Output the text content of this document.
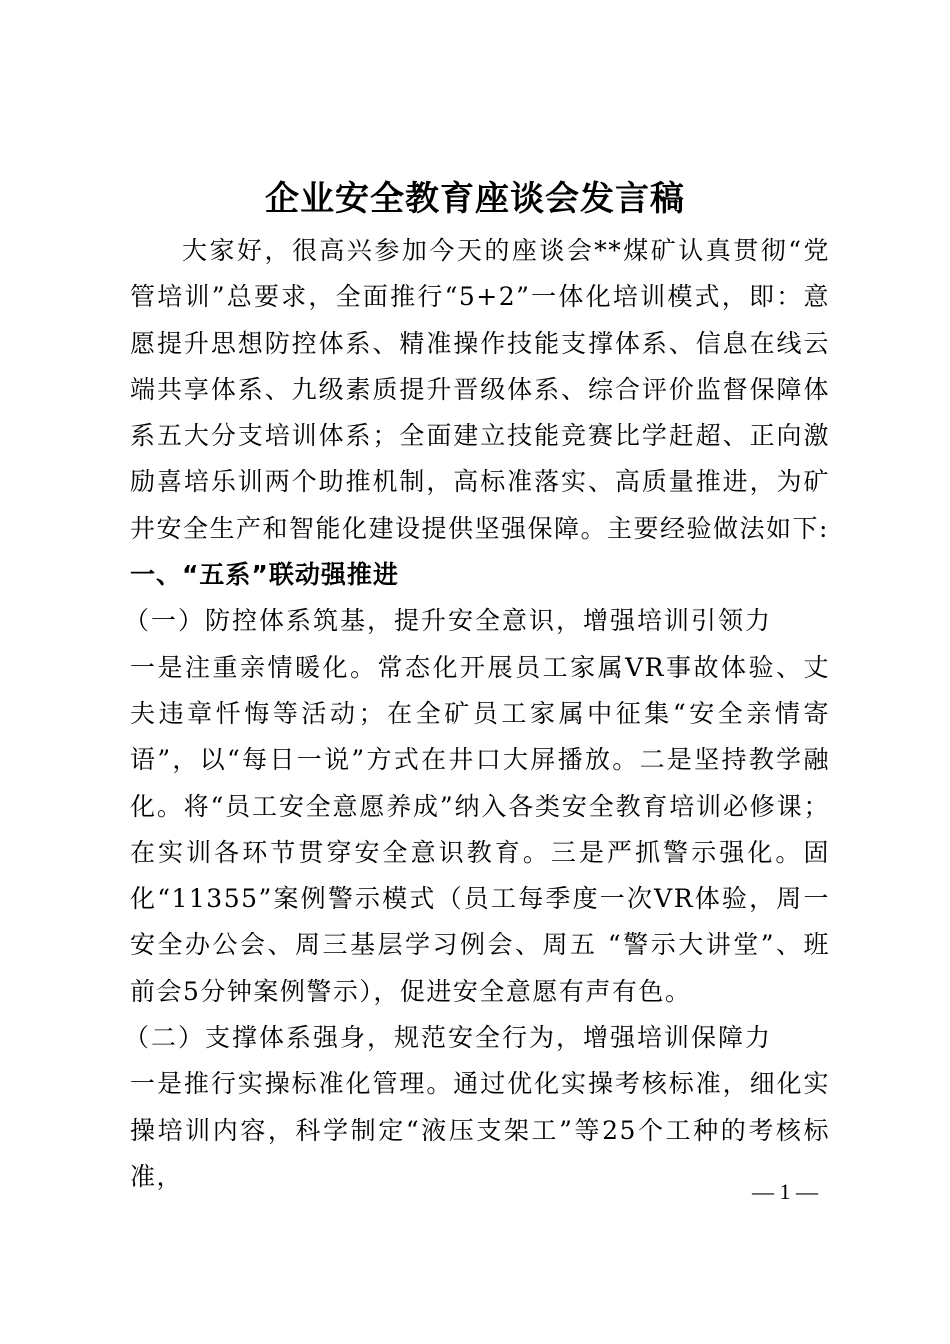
企业安全教育座谈会发言稿

大家好，很高兴参加今天的座谈会**煤矿认真贯彻“党管培训”总要求，全面推行“5+2”一体化培训模式，即：意愿提升思想防控体系、精准操作技能支撑体系、信息在线云端共享体系、九级素质提升晋级体系、综合评价监督保障体系五大分支培训体系；全面建立技能竞赛比学赶超、正向激励喜培乐训两个助推机制，高标准落实、高质量推进，为矿井安全生产和智能化建设提供坚强保障。主要经验做法如下:

一、“五系”联动强推进

（一）防控体系筑基，提升安全意识，增强培训引领力

一是注重亲情暖化。常态化开展员工家属VR事故体验、丈夫违章忏悔等活动；在全矿员工家属中征集“安全亲情寄语”，以“每日一说”方式在井口大屏播放。二是坚持教学融化。将“员工安全意愿养成”纳入各类安全教育培训必修课；在实训各环节贯穿安全意识教育。三是严抓警示强化。固化“11355”案例警示模式（员工每季度一次VR体验，周一安全办公会、周三基层学习例会、周五 “警示大讲堂”、班前会5分钟案例警示），促进安全意愿有声有色。

（二）支撑体系强身，规范安全行为，增强培训保障力

一是推行实操标准化管理。通过优化实操考核标准，细化实操培训内容，科学制定“液压支架工”等25个工种的考核标准，

— 1 —
